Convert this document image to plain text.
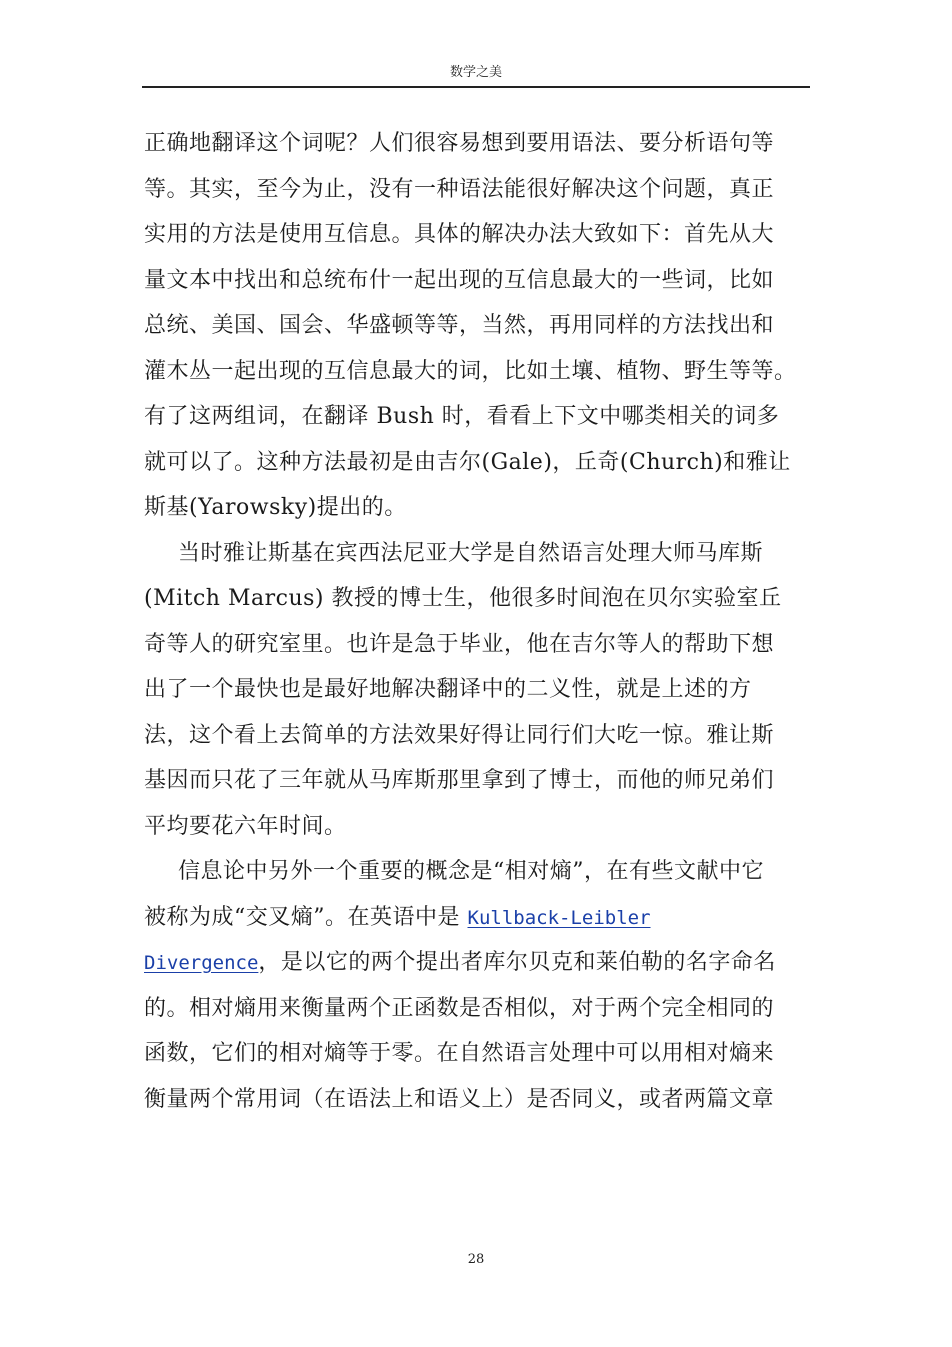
数学之美
正确地翻译这个词呢？人们很容易想到要用语法、要分析语句等
等。其实，至今为止，没有一种语法能很好解决这个问题，真正
实用的方法是使用互信息。具体的解决办法大致如下：首先从大
量文本中找出和总统布什一起出现的互信息最大的一些词，比如
总统、美国、国会、华盛顿等等，当然，再用同样的方法找出和
灌木丛一起出现的互信息最大的词，比如土壤、植物、野生等等。
有了这两组词，在翻译 Bush 时，看看上下文中哪类相关的词多
就可以了。这种方法最初是由吉尔(Gale)，丘奇(Church)和雅让
斯基(Yarowsky)提出的。
当时雅让斯基在宾西法尼亚大学是自然语言处理大师马库斯
(Mitch Marcus) 教授的博士生，他很多时间泡在贝尔实验室丘
奇等人的研究室里。也许是急于毕业，他在吉尔等人的帮助下想
出了一个最快也是最好地解决翻译中的二义性，就是上述的方
法，这个看上去简单的方法效果好得让同行们大吃一惊。雅让斯
基因而只花了三年就从马库斯那里拿到了博士，而他的师兄弟们
平均要花六年时间。
信息论中另外一个重要的概念是“相对熵”，在有些文献中它
被称为成“交叉熵”。在英语中是 Kullback-Leibler
Divergence，是以它的两个提出者库尔贝克和莱伯勒的名字命名
的。相对熵用来衡量两个正函数是否相似，对于两个完全相同的
函数，它们的相对熵等于零。在自然语言处理中可以用相对熵来
衡量两个常用词（在语法上和语义上）是否同义，或者两篇文章
28
